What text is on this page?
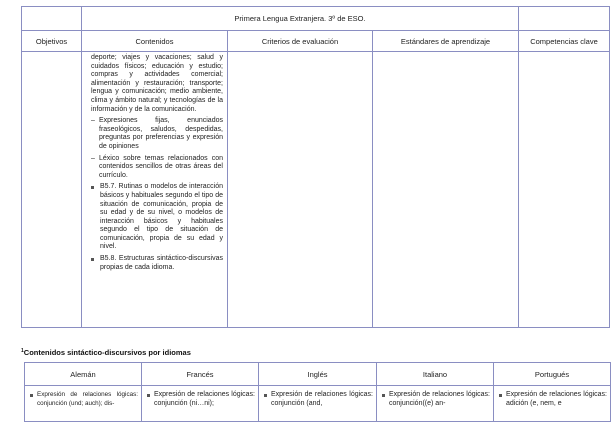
	Primera Lengua Extranjera. 3º de ESO.			
Objetivos	Contenidos	Criterios de evaluación	Estándares de aprendizaje	Competencias clave

	deporte; viajes y vacaciones; salud y cuidados físicos; educación y estudio; compras y actividades comercial; alimentación y restauración; transporte; lengua y comunicación; medio ambiente, clima y ámbito natural; y tecnologías de la información y de la comunicación.

– Expresiones fijas, enunciados fraseológicos, saludos, despedidas, preguntas por preferencias y expresión de opiniones
– Léxico sobre temas relacionados con contenidos sencillos de otras áreas del currículo.
B5.7. Rutinas o modelos de interacción básicos y habituales segundo el tipo de situación de comunicación, propia de su edad y de su nivel, o modelos de interacción básicos y habituales segundo el tipo de situación de comunicación, propia de su edad y nivel.
B5.8. Estructuras sintáctico-discursivas propias de cada idioma.

$^1$Contenidos sintáctico-discursivos por idiomas
Alemán	Francés	Inglés	Italiano	Portugués

Expresión de relaciones lógicas: conjunción (und; auch); dis-	Expresión de relaciones lógicas: conjunción (ni…ni);	Expresión de relaciones lógicas: conjunción (and,	Expresión de relaciones lógicas: conjunción((e) an-	Expresión de relaciones lógicas: adición (e, nem, e
